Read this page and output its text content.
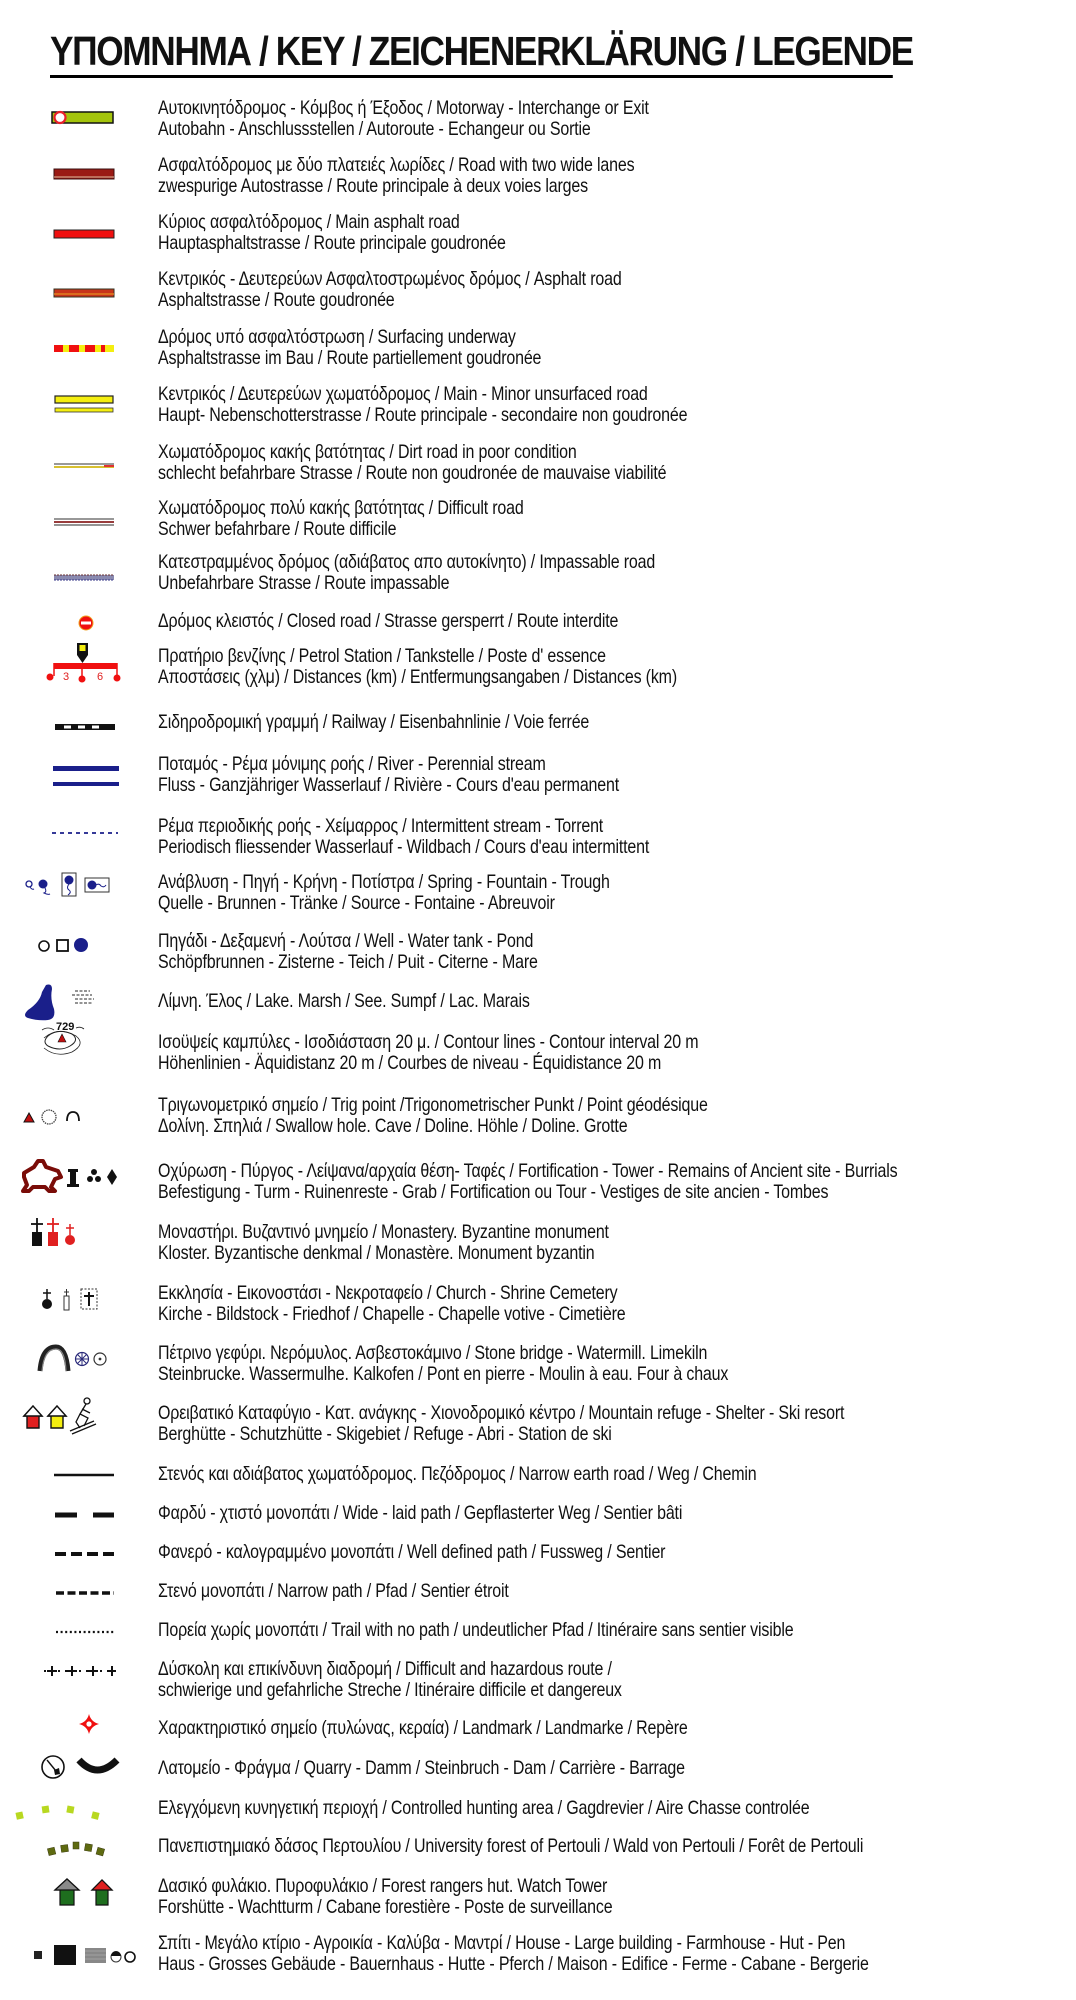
ΥΠΟΜΝΗΜΑ / KEY / ZEICHENERKLÄRUNG / LEGENDE
Αυτοκινητόδρομος - Κόμβος ή Έξοδος / Motorway - Interchange or Exit
Autobahn - Anschlussstellen / Autoroute - Echangeur ou Sortie
Ασφαλτόδρομος με δύο πλατειές λωρίδες / Road with two wide lanes
zwespurige Autostrasse / Route principale à deux voies larges
Κύριος ασφαλτόδρομος / Main asphalt road
Hauptasphaltstrasse / Route principale goudronée
Κεντρικός - Δευτερεύων Ασφαλτοστρωμένος δρόμος / Asphalt road
Asphaltstrasse / Route goudronée
Δρόμος υπό ασφαλτόστρωση / Surfacing underway
Asphaltstrasse im Bau / Route partiellement goudronée
Κεντρικός / Δευτερεύων χωματόδρομος / Main - Minor unsurfaced road
Haupt- Nebenschotterstrasse / Route principale - secondaire non goudronée
Χωματόδρομος κακής βατότητας / Dirt road in poor condition
schlecht befahrbare Strasse / Route non goudronée de mauvaise viabilité
Χωματόδρομος πολύ κακής βατότητας / Difficult road
Schwer befahrbare / Route difficile
Κατεστραμμένος δρόμος (αδιάβατος απο αυτοκίνητο) / Impassable road
Unbefahrbare Strasse / Route impassable
Δρόμος κλειστός / Closed road / Strasse gersperrt / Route interdite
3	6
Πρατήριο βενζίνης / Petrol Station / Tankstelle / Poste d' essence
Αποστάσεις (χλμ) / Distances (km) / Entfermungsangaben / Distances (km)
Σιδηροδρομική γραμμή / Railway / Eisenbahnlinie / Voie ferrée
Ποταμός - Ρέμα μόνιμης ροής / River - Perennial stream
Fluss - Ganzjähriger Wasserlauf / Rivière - Cours d'eau permanent
Ρέμα περιοδικής ροής - Χείμαρρος / Intermittent stream - Torrent
Periodisch fliessender Wasserlauf - Wildbach / Cours d'eau intermittent
Ανάβλυση - Πηγή - Κρήνη - Ποτίστρα / Spring - Fountain - Trough
Quelle - Brunnen - Tränke / Source - Fontaine - Abreuvoir
Πηγάδι - Δεξαμενή - Λούτσα / Well - Water tank - Pond
Schöpfbrunnen - Zisterne - Teich / Puit - Citerne - Mare
Λίμνη. Έλος / Lake. Marsh / See. Sumpf / Lac. Marais
729
Ισοϋψείς καμπύλες - Ισοδιάσταση 20 μ. / Contour lines - Contour interval 20 m
Höhenlinien - Äquidistanz 20 m / Courbes de niveau - Équidistance 20 m
Τριγωνομετρικό σημείο / Trig point /Trigonometrischer Punkt / Point géodésique
Δολίνη. Σπηλιά / Swallow hole. Cave / Doline. Höhle / Doline. Grotte
Οχύρωση - Πύργος - Λείψανα/αρχαία θέση- Ταφές / Fortification - Tower - Remains of Ancient site - Burrials
Befestigung - Turm - Ruinenreste - Grab / Fortification ou Tour - Vestiges de site ancien - Tombes
Μοναστήρι. Βυζαντινό μνημείο / Monastery. Byzantine monument
Kloster. Byzantische denkmal / Monastère. Monument byzantin
Εκκλησία - Εικονοστάσι - Νεκροταφείο / Church - Shrine Cemetery
Kirche - Bildstock - Friedhof / Chapelle - Chapelle votive - Cimetière
Πέτρινο γεφύρι. Νερόμυλος. Ασβεστοκάμινο / Stone bridge - Watermill. Limekiln
Steinbrucke. Wassermulhe. Kalkofen / Pont en pierre - Moulin à eau. Four à chaux
Ορειβατικό Καταφύγιο - Κατ. ανάγκης - Χιονοδρομικό κέντρο / Mountain refuge - Shelter - Ski resort
Berghütte - Schutzhütte - Skigebiet / Refuge - Abri - Station de ski
Στενός και αδιάβατος χωματόδρομος. Πεζόδρομος / Narrow earth road / Weg / Chemin
Φαρδύ - χτιστό μονοπάτι / Wide - laid path / Gepflasterter Weg / Sentier bâti
Φανερό - καλογραμμένο μονοπάτι / Well defined path / Fussweg / Sentier
Στενό μονοπάτι / Narrow path / Pfad / Sentier étroit
Πορεία χωρίς μονοπάτι / Trail with no path / undeutlicher Pfad / Itinéraire sans sentier visible
Δύσκολη και επικίνδυνη διαδρομή / Difficult and hazardous route /
schwierige und gefahrliche Streche / Itinéraire difficile et dangereux
Χαρακτηριστικό σημείο (πυλώνας, κεραία) / Landmark / Landmarke / Repère
Λατομείο - Φράγμα / Quarry - Damm / Steinbruch - Dam / Carrière - Barrage
Ελεγχόμενη κυνηγετική περιοχή / Controlled hunting area / Gagdrevier / Aire Chasse controlée
Πανεπιστημιακό δάσος Περτουλίου / University forest of Pertouli / Wald von Pertouli / Forêt de Pertouli
Δασικό φυλάκιο. Πυροφυλάκιο / Forest rangers hut. Watch Tower
Forshütte - Wachtturm / Cabane forestière - Poste de surveillance
Σπίτι - Μεγάλο κτίριο - Αγροικία - Καλύβα - Μαντρί / House - Large building - Farmhouse - Hut - Pen
Haus - Grosses Gebäude - Bauernhaus - Hutte - Pferch / Maison - Edifice - Ferme - Cabane - Bergerie
